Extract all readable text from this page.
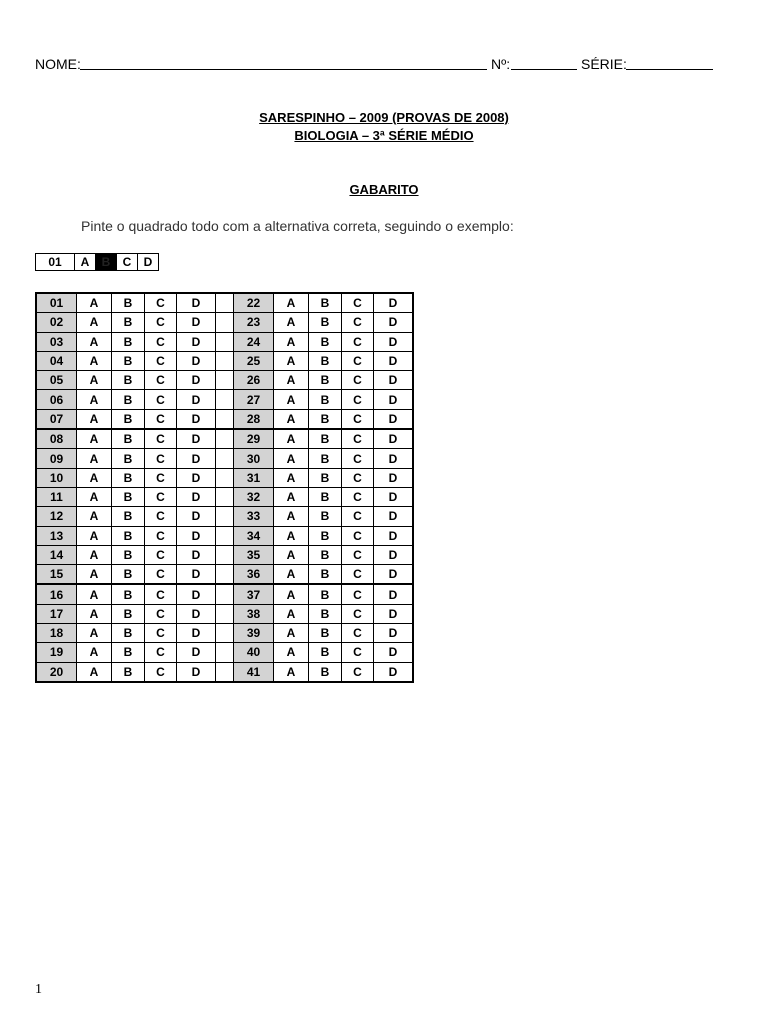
NOME:	Nº:	SÉRIE:
SARESPINHO – 2009 (PROVAS DE 2008)
BIOLOGIA – 3ª SÉRIE MÉDIO
GABARITO
Pinte o quadrado todo com a alternativa correta, seguindo o exemplo:
01	A	B	C	D
01	A	B	C	D		22	A	B	C	D
02	A	B	C	D		23	A	B	C	D
03	A	B	C	D		24	A	B	C	D
04	A	B	C	D		25	A	B	C	D
05	A	B	C	D		26	A	B	C	D
06	A	B	C	D		27	A	B	C	D
07	A	B	C	D		28	A	B	C	D
08	A	B	C	D		29	A	B	C	D
09	A	B	C	D		30	A	B	C	D
10	A	B	C	D		31	A	B	C	D
11	A	B	C	D		32	A	B	C	D
12	A	B	C	D		33	A	B	C	D
13	A	B	C	D		34	A	B	C	D
14	A	B	C	D		35	A	B	C	D
15	A	B	C	D		36	A	B	C	D
16	A	B	C	D		37	A	B	C	D
17	A	B	C	D		38	A	B	C	D
18	A	B	C	D		39	A	B	C	D
19	A	B	C	D		40	A	B	C	D
20	A	B	C	D		41	A	B	C	D
1
